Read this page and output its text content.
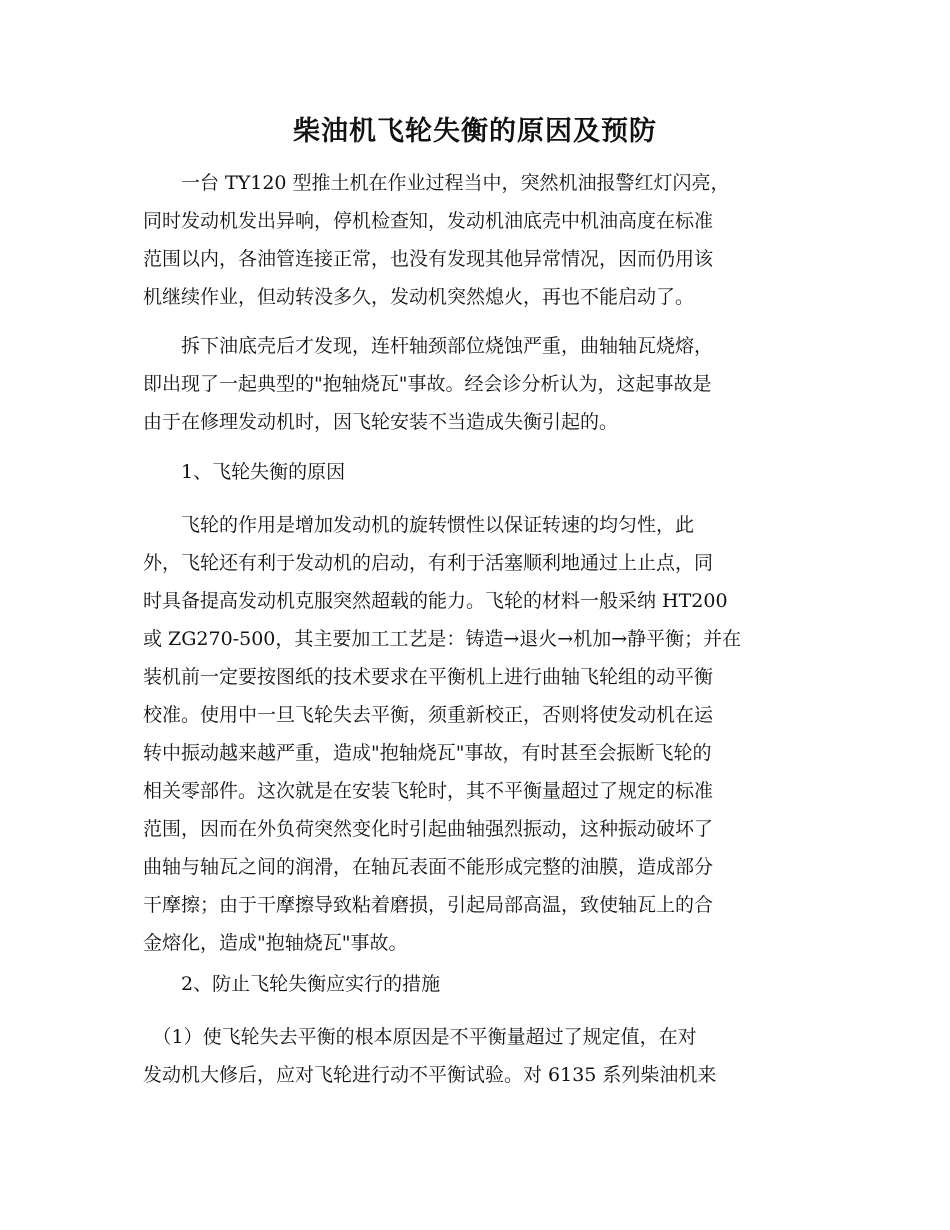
柴油机飞轮失衡的原因及预防
　　一台 TY120 型推土机在作业过程当中，突然机油报警红灯闪亮，
同时发动机发出异响，停机检查知，发动机油底壳中机油高度在标准
范围以内，各油管连接正常，也没有发现其他异常情况，因而仍用该
机继续作业，但动转没多久，发动机突然熄火，再也不能启动了。
　　拆下油底壳后才发现，连杆轴颈部位烧蚀严重，曲轴轴瓦烧熔，
即出现了一起典型的"抱轴烧瓦"事故。经会诊分析认为，这起事故是
由于在修理发动机时，因飞轮安装不当造成失衡引起的。
　　1、飞轮失衡的原因
　　飞轮的作用是增加发动机的旋转惯性以保证转速的均匀性，此
外，飞轮还有利于发动机的启动，有利于活塞顺利地通过上止点，同
时具备提高发动机克服突然超载的能力。飞轮的材料一般采纳 HT200
或 ZG270-500，其主要加工工艺是：铸造→退火→机加→静平衡；并在
装机前一定要按图纸的技术要求在平衡机上进行曲轴飞轮组的动平衡
校准。使用中一旦飞轮失去平衡，须重新校正，否则将使发动机在运
转中振动越来越严重，造成"抱轴烧瓦"事故，有时甚至会振断飞轮的
相关零部件。这次就是在安装飞轮时，其不平衡量超过了规定的标准
范围，因而在外负荷突然变化时引起曲轴强烈振动，这种振动破坏了
曲轴与轴瓦之间的润滑，在轴瓦表面不能形成完整的油膜，造成部分
干摩擦；由于干摩擦导致粘着磨损，引起局部高温，致使轴瓦上的合
金熔化，造成"抱轴烧瓦"事故。
　　2、防止飞轮失衡应实行的措施
　（1）使飞轮失去平衡的根本原因是不平衡量超过了规定值，在对
发动机大修后，应对飞轮进行动不平衡试验。对 6135 系列柴油机来
